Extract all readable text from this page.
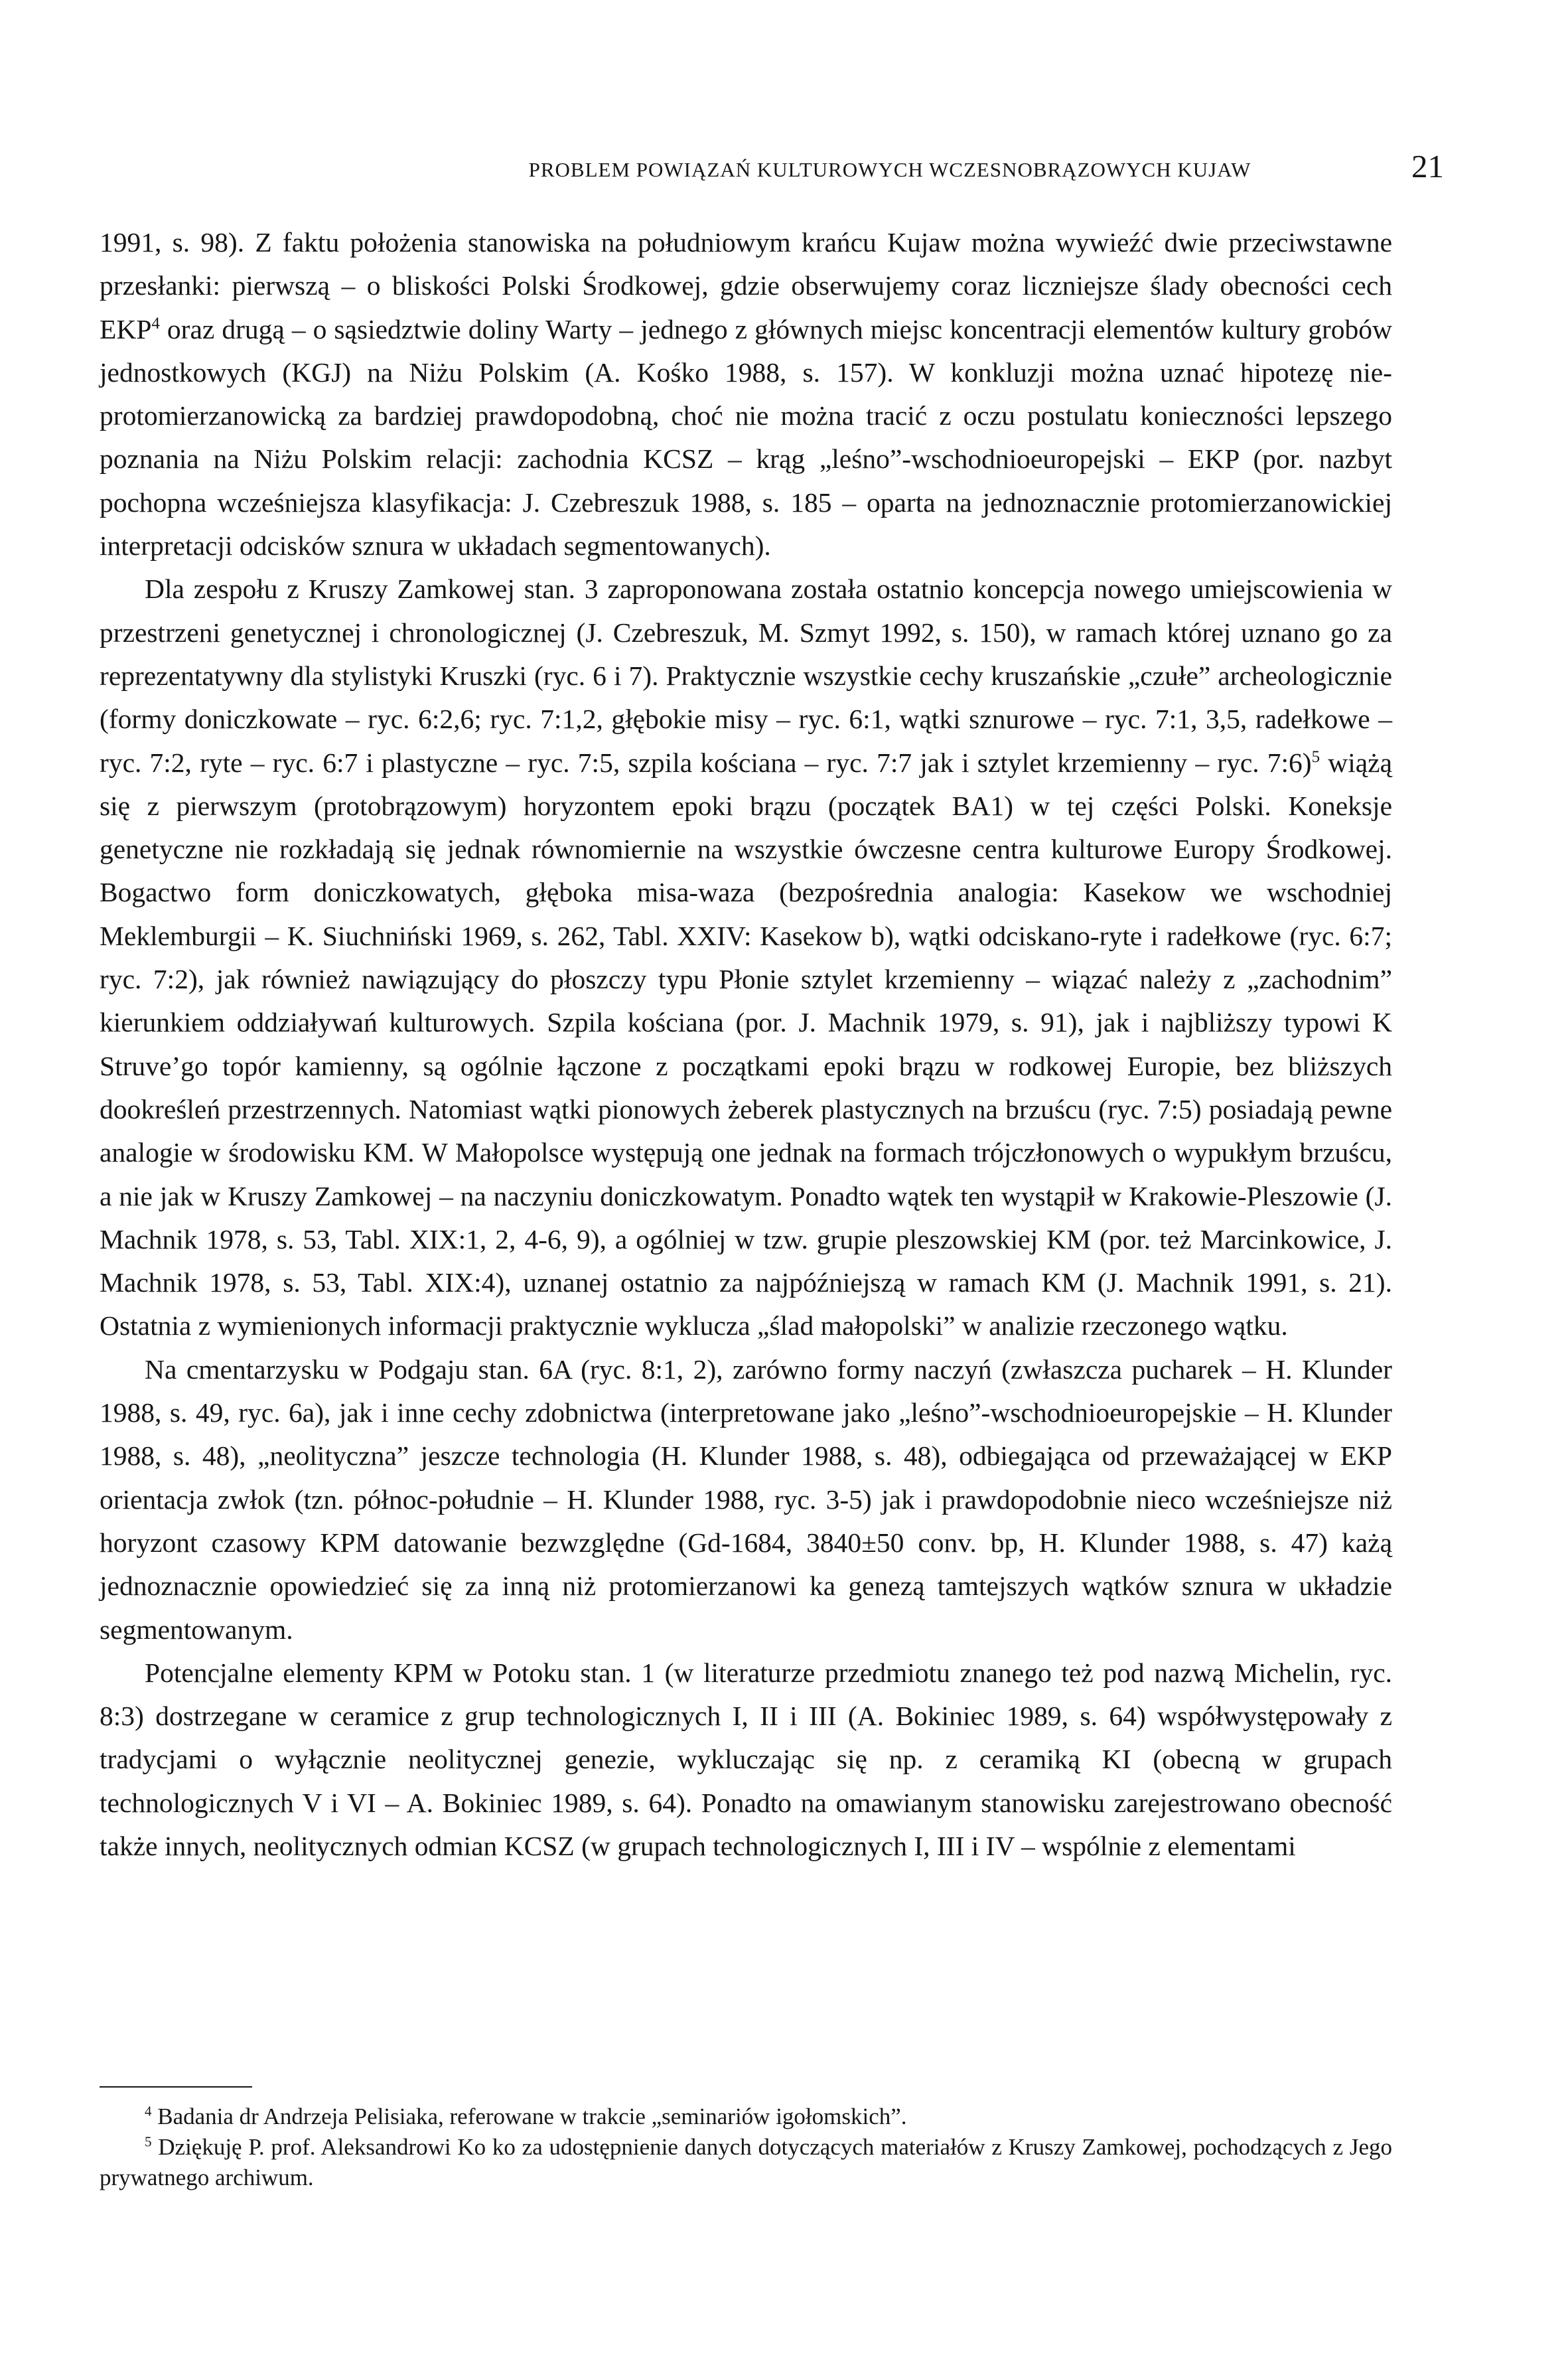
PROBLEM POWIĄZAŃ KULTUROWYCH WCZESNOBRĄZOWYCH KUJAW	21

1991, s. 98). Z faktu położenia stanowiska na południowym krańcu Kujaw można wywieźć dwie przeciwstawne przesłanki: pierwszą – o bliskości Polski Środkowej, gdzie obserwujemy coraz liczniejsze ślady obecności cech EKP$^4$ oraz drugą – o sąsiedztwie doliny Warty – jednego z głównych miejsc koncentracji elementów kultury grobów jednostkowych (KGJ) na Niżu Polskim (A. Kośko 1988, s. 157). W konkluzji można uznać hipotezę nie-protomierzanowicką za bardziej prawdopodobną, choć nie można tracić z oczu postulatu konieczności lepszego poznania na Niżu Polskim relacji: zachodnia KCSZ – krąg „leśno”-wschodnioeuropejski – EKP (por. nazbyt pochopna wcześniejsza klasyfikacja: J. Czebreszuk 1988, s. 185 – oparta na jednoznacznie protomierzanowickiej interpretacji odcisków sznura w układach segmentowanych).

Dla zespołu z Kruszy Zamkowej stan. 3 zaproponowana została ostatnio koncepcja nowego umiejscowienia w przestrzeni genetycznej i chronologicznej (J. Czebreszuk, M. Szmyt 1992, s. 150), w ramach której uznano go za reprezentatywny dla stylistyki Kruszki (ryc. 6 i 7). Praktycznie wszystkie cechy kruszańskie „czułe” archeologicznie (formy doniczkowate – ryc. 6:2,6; ryc. 7:1,2, głębokie misy – ryc. 6:1, wątki sznurowe – ryc. 7:1, 3,5, radełkowe – ryc. 7:2, ryte – ryc. 6:7 i plastyczne – ryc. 7:5, szpila kościana – ryc. 7:7 jak i sztylet krzemienny – ryc. 7:6)$^5$ wiążą się z pierwszym (protobrązowym) horyzontem epoki brązu (początek BA1) w tej części Polski. Koneksje genetyczne nie rozkładają się jednak równomiernie na wszystkie ówczesne centra kulturowe Europy Środkowej. Bogactwo form doniczkowatych, głęboka misa-waza (bezpośrednia analogia: Kasekow we wschodniej Meklemburgii – K. Siuchniński 1969, s. 262, Tabl. XXIV: Kasekow b), wątki odciskano-ryte i radełkowe (ryc. 6:7; ryc. 7:2), jak również nawiązujący do płoszczy typu Płonie sztylet krzemienny – wiązać należy z „zachodnim” kierunkiem oddziaływań kulturowych. Szpila kościana (por. J. Machnik 1979, s. 91), jak i najbliższy typowi K Struve’go topór kamienny, są ogólnie łączone z początkami epoki brązu w rodkowej Europie, bez bliższych dookreśleń przestrzennych. Natomiast wątki pionowych żeberek plastycznych na brzuścu (ryc. 7:5) posiadają pewne analogie w środowisku KM. W Małopolsce występują one jednak na formach trójczłonowych o wypukłym brzuścu, a nie jak w Kruszy Zamkowej – na naczyniu doniczkowatym. Ponadto wątek ten wystąpił w Krakowie-Pleszowie (J. Machnik 1978, s. 53, Tabl. XIX:1, 2, 4-6, 9), a ogólniej w tzw. grupie pleszowskiej KM (por. też Marcinkowice, J. Machnik 1978, s. 53, Tabl. XIX:4), uznanej ostatnio za najpóźniejszą w ramach KM (J. Machnik 1991, s. 21). Ostatnia z wymienionych informacji praktycznie wyklucza „ślad małopolski” w analizie rzeczonego wątku.

Na cmentarzysku w Podgaju stan. 6A (ryc. 8:1, 2), zarówno formy naczyń (zwłaszcza pucharek – H. Klunder 1988, s. 49, ryc. 6a), jak i inne cechy zdobnictwa (interpretowane jako „leśno”-wschodnioeuropejskie – H. Klunder 1988, s. 48), „neolityczna” jeszcze technologia (H. Klunder 1988, s. 48), odbiegająca od przeważającej w EKP orientacja zwłok (tzn. północ-południe – H. Klunder 1988, ryc. 3-5) jak i prawdopodobnie nieco wcześniejsze niż horyzont czasowy KPM datowanie bezwzględne (Gd-1684, 3840±50 conv. bp, H. Klunder 1988, s. 47) każą jednoznacznie opowiedzieć się za inną niż protomierzanowi ka genezą tamtejszych wątków sznura w układzie segmentowanym.

Potencjalne elementy KPM w Potoku stan. 1 (w literaturze przedmiotu znanego też pod nazwą Michelin, ryc. 8:3) dostrzegane w ceramice z grup technologicznych I, II i III (A. Bokiniec 1989, s. 64) współwystępowały z tradycjami o wyłącznie neolitycznej genezie, wykluczając się np. z ceramiką KI (obecną w grupach technologicznych V i VI – A. Bokiniec 1989, s. 64). Ponadto na omawianym stanowisku zarejestrowano obecność także innych, neolitycznych odmian KCSZ (w grupach technologicznych I, III i IV – wspólnie z elementami

$^4$ Badania dr Andrzeja Pelisiaka, referowane w trakcie „seminariów igołomskich”.

$^5$ Dziękuję P. prof. Aleksandrowi Ko ko za udostępnienie danych dotyczących materiałów z Kruszy Zamkowej, pochodzących z Jego prywatnego archiwum.
